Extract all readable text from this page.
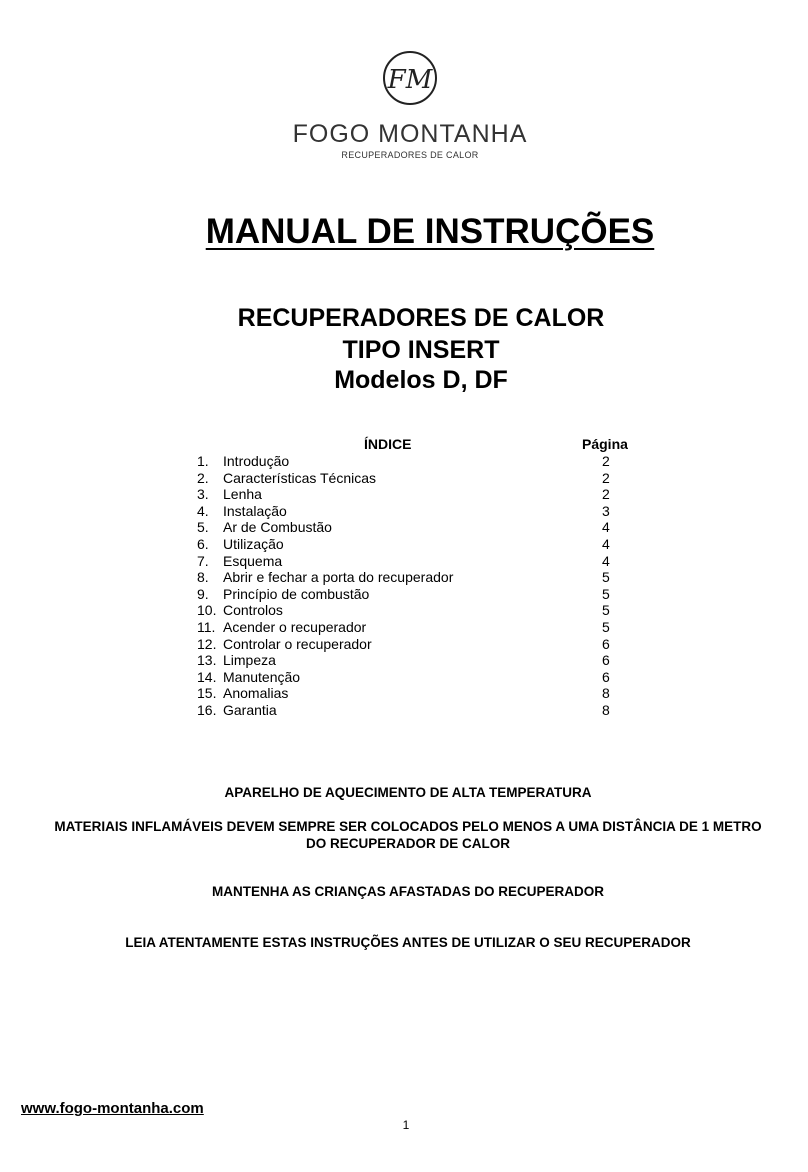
FM
FOGO MONTANHA
RECUPERADORES DE CALOR
MANUAL DE INSTRUÇÕES
RECUPERADORES DE CALOR
TIPO INSERT
Modelos D, DF
ÍNDICE	Página
1. Introdução	2
2. Características Técnicas	2
3. Lenha	2
4. Instalação	3
5. Ar de Combustão	4
6. Utilização	4
7. Esquema	4
8. Abrir e fechar a porta do recuperador	5
9. Princípio de combustão	5
10. Controlos	5
11. Acender o recuperador	5
12. Controlar o recuperador	6
13. Limpeza	6
14. Manutenção	6
15. Anomalias	8
16. Garantia	8
APARELHO DE AQUECIMENTO DE ALTA TEMPERATURA
MATERIAIS INFLAMÁVEIS DEVEM SEMPRE SER COLOCADOS PELO MENOS A UMA DISTÂNCIA DE 1 METRO
DO RECUPERADOR DE CALOR
MANTENHA AS CRIANÇAS AFASTADAS DO RECUPERADOR
LEIA ATENTAMENTE ESTAS INSTRUÇÕES ANTES DE UTILIZAR O SEU RECUPERADOR
www.fogo-montanha.com
1
